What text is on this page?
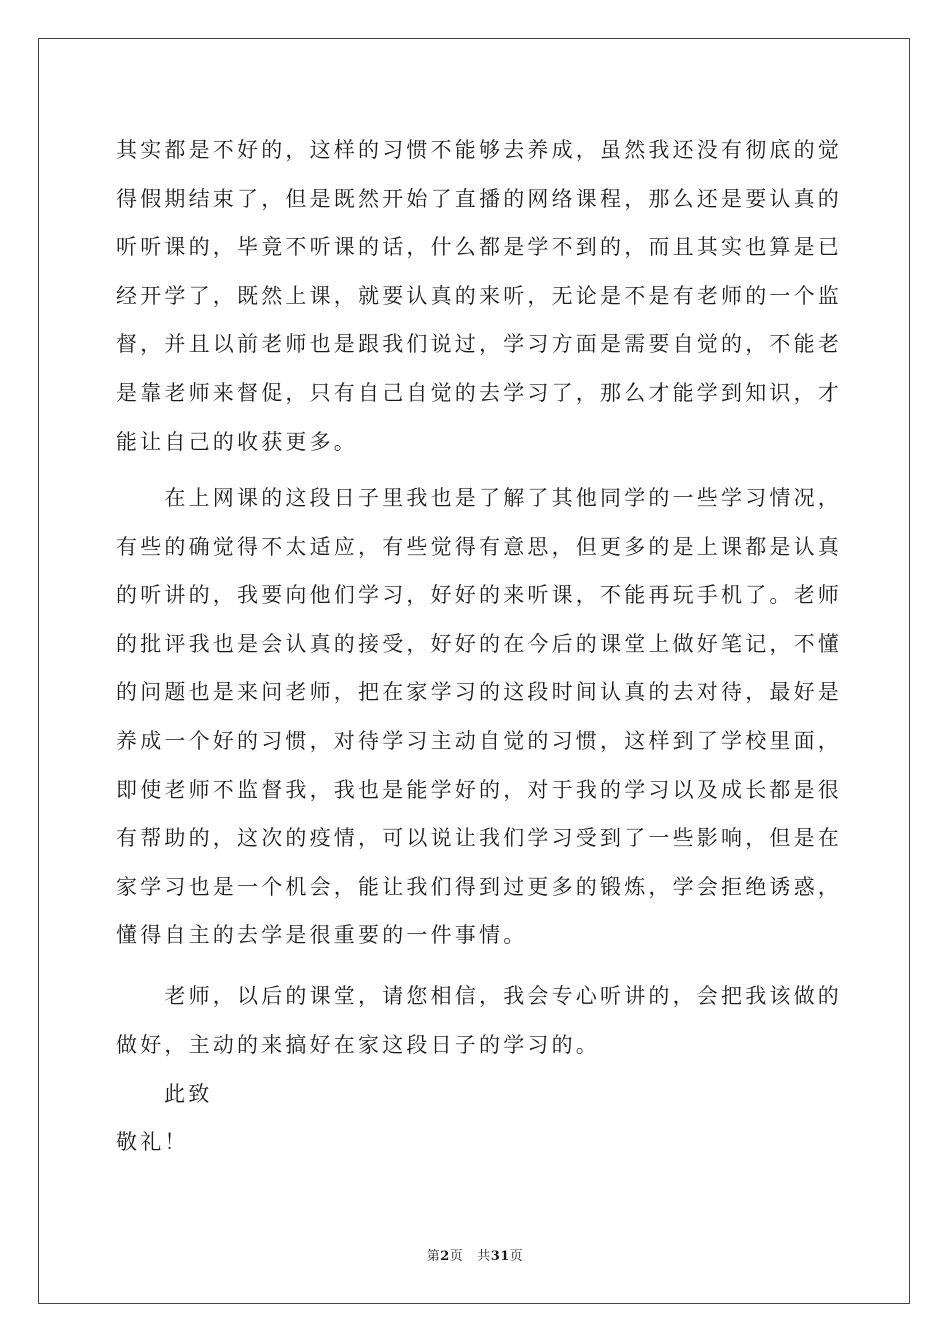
其实都是不好的，这样的习惯不能够去养成，虽然我还没有彻底的觉
得假期结束了，但是既然开始了直播的网络课程，那么还是要认真的
听听课的，毕竟不听课的话，什么都是学不到的，而且其实也算是已
经开学了，既然上课，就要认真的来听，无论是不是有老师的一个监
督，并且以前老师也是跟我们说过，学习方面是需要自觉的，不能老
是靠老师来督促，只有自己自觉的去学习了，那么才能学到知识，才
能让自己的收获更多。
　　在上网课的这段日子里我也是了解了其他同学的一些学习情况，
有些的确觉得不太适应，有些觉得有意思，但更多的是上课都是认真
的听讲的，我要向他们学习，好好的来听课，不能再玩手机了。老师
的批评我也是会认真的接受，好好的在今后的课堂上做好笔记，不懂
的问题也是来问老师，把在家学习的这段时间认真的去对待，最好是
养成一个好的习惯，对待学习主动自觉的习惯，这样到了学校里面，
即使老师不监督我，我也是能学好的，对于我的学习以及成长都是很
有帮助的，这次的疫情，可以说让我们学习受到了一些影响，但是在
家学习也是一个机会，能让我们得到过更多的锻炼，学会拒绝诱惑，
懂得自主的去学是很重要的一件事情。
　　老师，以后的课堂，请您相信，我会专心听讲的，会把我该做的
做好，主动的来搞好在家这段日子的学习的。
此致
敬礼！
第2页 共31页
